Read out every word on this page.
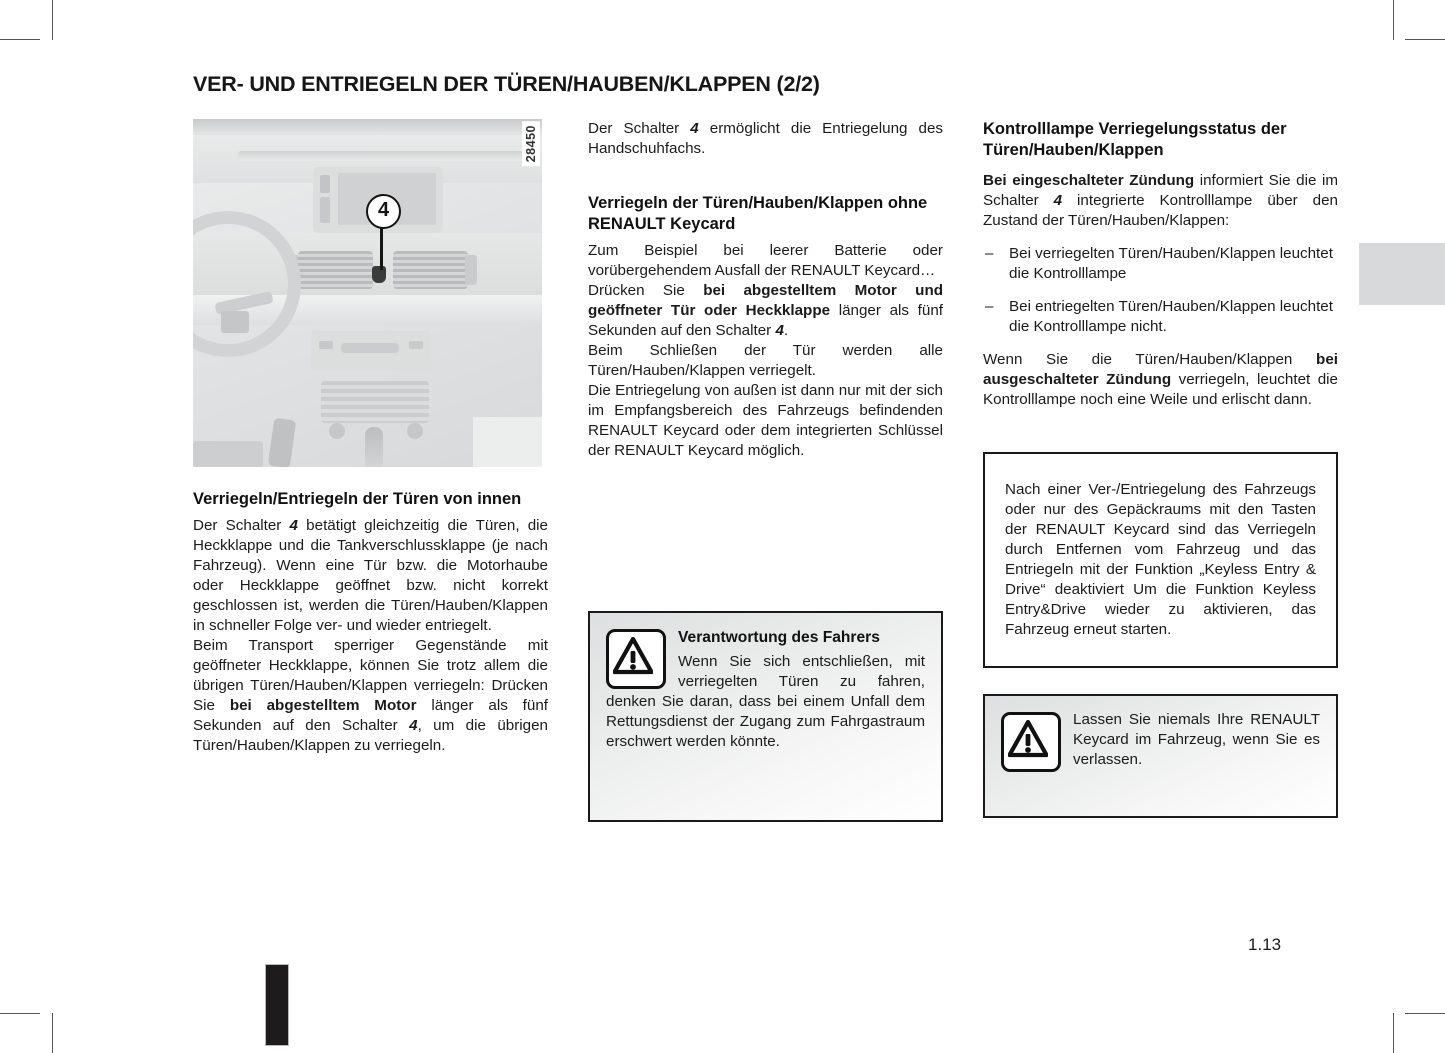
VER- UND ENTRIEGELN DER TÜREN/HAUBEN/KLAPPEN (2/2)
4
28450
Verriegeln/Entriegeln der Türen von innen

Der Schalter 4 betätigt gleichzeitig die Türen, die Heckklappe und die Tankverschlussklappe (je nach Fahrzeug). Wenn eine Tür bzw. die Motorhaube oder Heckklappe geöffnet bzw. nicht korrekt geschlossen ist, werden die Türen/Hauben/Klappen in schneller Folge ver- und wieder entriegelt.

Beim Transport sperriger Gegenstände mit geöffneter Heckklappe, können Sie trotz allem die übrigen Türen/Hauben/Klappen verriegeln: Drücken Sie bei abgestelltem Motor länger als fünf Sekunden auf den Schalter 4, um die übrigen Türen/Hauben/Klappen zu verriegeln.

Der Schalter 4 ermöglicht die Entriegelung des Handschuhfachs.

Verriegeln der Türen/Hauben/Klappen ohne RENAULT Keycard

Zum Beispiel bei leerer Batterie oder vorübergehendem Ausfall der RENAULT Keycard…

Drücken Sie bei abgestelltem Motor und geöffneter Tür oder Heckklappe länger als fünf Sekunden auf den Schalter 4.

Beim Schließen der Tür werden alle Türen/Hauben/Klappen verriegelt.

Die Entriegelung von außen ist dann nur mit der sich im Empfangsbereich des Fahrzeugs befindenden RENAULT Keycard oder dem integrierten Schlüssel der RENAULT Keycard möglich.

Verantwortung des Fahrers

Wenn Sie sich entschließen, mit verriegelten Türen zu fahren, denken Sie daran, dass bei einem Unfall dem Rettungsdienst der Zugang zum Fahrgastraum erschwert werden könnte.

Kontrolllampe Verriegelungsstatus der Türen/Hauben/Klappen

Bei eingeschalteter Zündung informiert Sie die im Schalter 4 integrierte Kontrolllampe über den Zustand der Türen/Hauben/Klappen:

– Bei verriegelten Türen/Hauben/Klappen leuchtet die Kontrolllampe
– Bei entriegelten Türen/Hauben/Klappen leuchtet die Kontrolllampe nicht.

Wenn Sie die Türen/Hauben/Klappen bei ausgeschalteter Zündung verriegeln, leuchtet die Kontrolllampe noch eine Weile und erlischt dann.

Nach einer Ver-/Entriegelung des Fahrzeugs oder nur des Gepäckraums mit den Tasten der RENAULT Keycard sind das Verriegeln durch Entfernen vom Fahrzeug und das Entriegeln mit der Funktion „Keyless Entry & Drive“ deaktiviert Um die Funktion Keyless Entry&Drive wieder zu aktivieren, das Fahrzeug erneut starten.

Lassen Sie niemals Ihre RENAULT Keycard im Fahrzeug, wenn Sie es verlassen.

1.13
